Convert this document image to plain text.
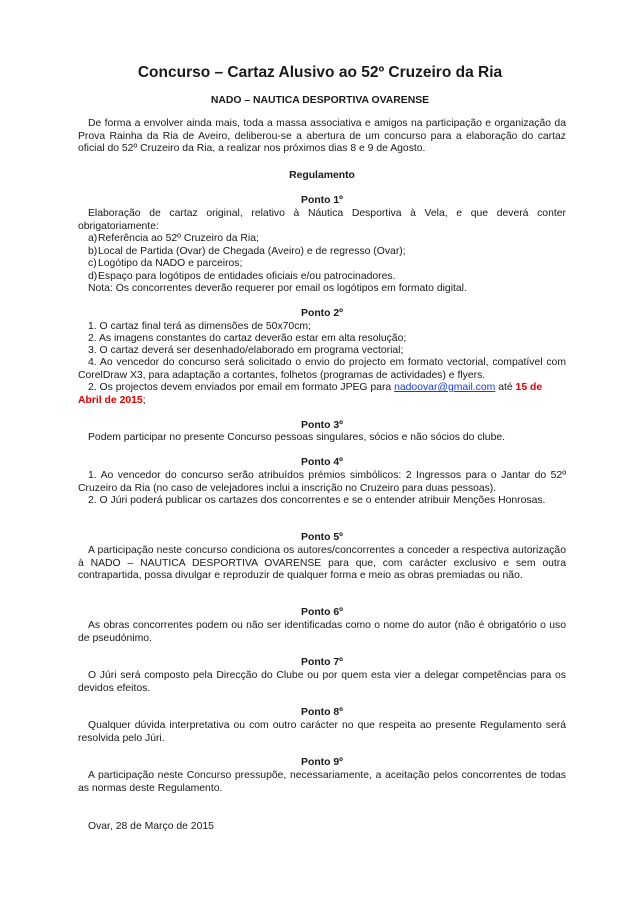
Concurso – Cartaz Alusivo ao 52º Cruzeiro da Ria
NADO – NAUTICA DESPORTIVA OVARENSE
De forma a envolver ainda mais, toda a massa associativa e amigos na participação e organização da Prova Rainha da Ria de Aveiro, deliberou-se a abertura de um concurso para a elaboração do cartaz oficial do 52º Cruzeiro da Ria, a realizar nos próximos dias 8 e 9 de Agosto.
Regulamento
Ponto 1º
Elaboração de cartaz original, relativo à Náutica Desportiva à Vela, e que deverá conter obrigatoriamente:
a) Referência ao 52º Cruzeiro da Ria;
b) Local de Partida (Ovar) de Chegada (Aveiro) e de regresso (Ovar);
c) Logótipo da NADO e parceiros;
d) Espaço para logótipos de entidades oficiais e/ou patrocinadores.
Nota: Os concorrentes deverão requerer por email os logótipos em formato digital.
Ponto 2º
1. O cartaz final terá as dimensões de 50x70cm;
2. As imagens constantes do cartaz deverão estar em alta resolução;
3. O cartaz deverá ser desenhado/elaborado em programa vectorial;
4. Ao vencedor do concurso será solicitado o envio do projecto em formato vectorial, compatível com CorelDraw X3, para adaptação a cortantes, folhetos (programas de actividades) e flyers.
2. Os projectos devem enviados por email em formato JPEG para nadoovar@gmail.com até 15 de Abril de 2015;
Ponto 3º
Podem participar no presente Concurso pessoas singulares, sócios e não sócios do clube.
Ponto 4º
1. Ao vencedor do concurso serão atribuídos prémios simbólicos: 2 Ingressos para o Jantar do 52º Cruzeiro da Ria (no caso de velejadores inclui a inscrição no Cruzeiro para duas pessoas).
2. O Júri poderá publicar os cartazes dos concorrentes e se o entender atribuir Menções Honrosas.
Ponto 5º
A participação neste concurso condiciona os autores/concorrentes a conceder a respectiva autorização à NADO – NAUTICA DESPORTIVA OVARENSE para que, com carácter exclusivo e sem outra contrapartida, possa divulgar e reproduzir de qualquer forma e meio as obras premiadas ou não.
Ponto 6º
As obras concorrentes podem ou não ser identificadas como o nome do autor (não é obrigatório o uso de pseudónimo.
Ponto 7º
O Júri será composto pela Direcção do Clube ou por quem esta vier a delegar competências para os devidos efeitos.
Ponto 8º
Qualquer dúvida interpretativa ou com outro carácter no que respeita ao presente Regulamento será resolvida pelo Júri.
Ponto 9º
A participação neste Concurso pressupõe, necessariamente, a aceitação pelos concorrentes de todas as normas deste Regulamento.
Ovar, 28 de Março de 2015
